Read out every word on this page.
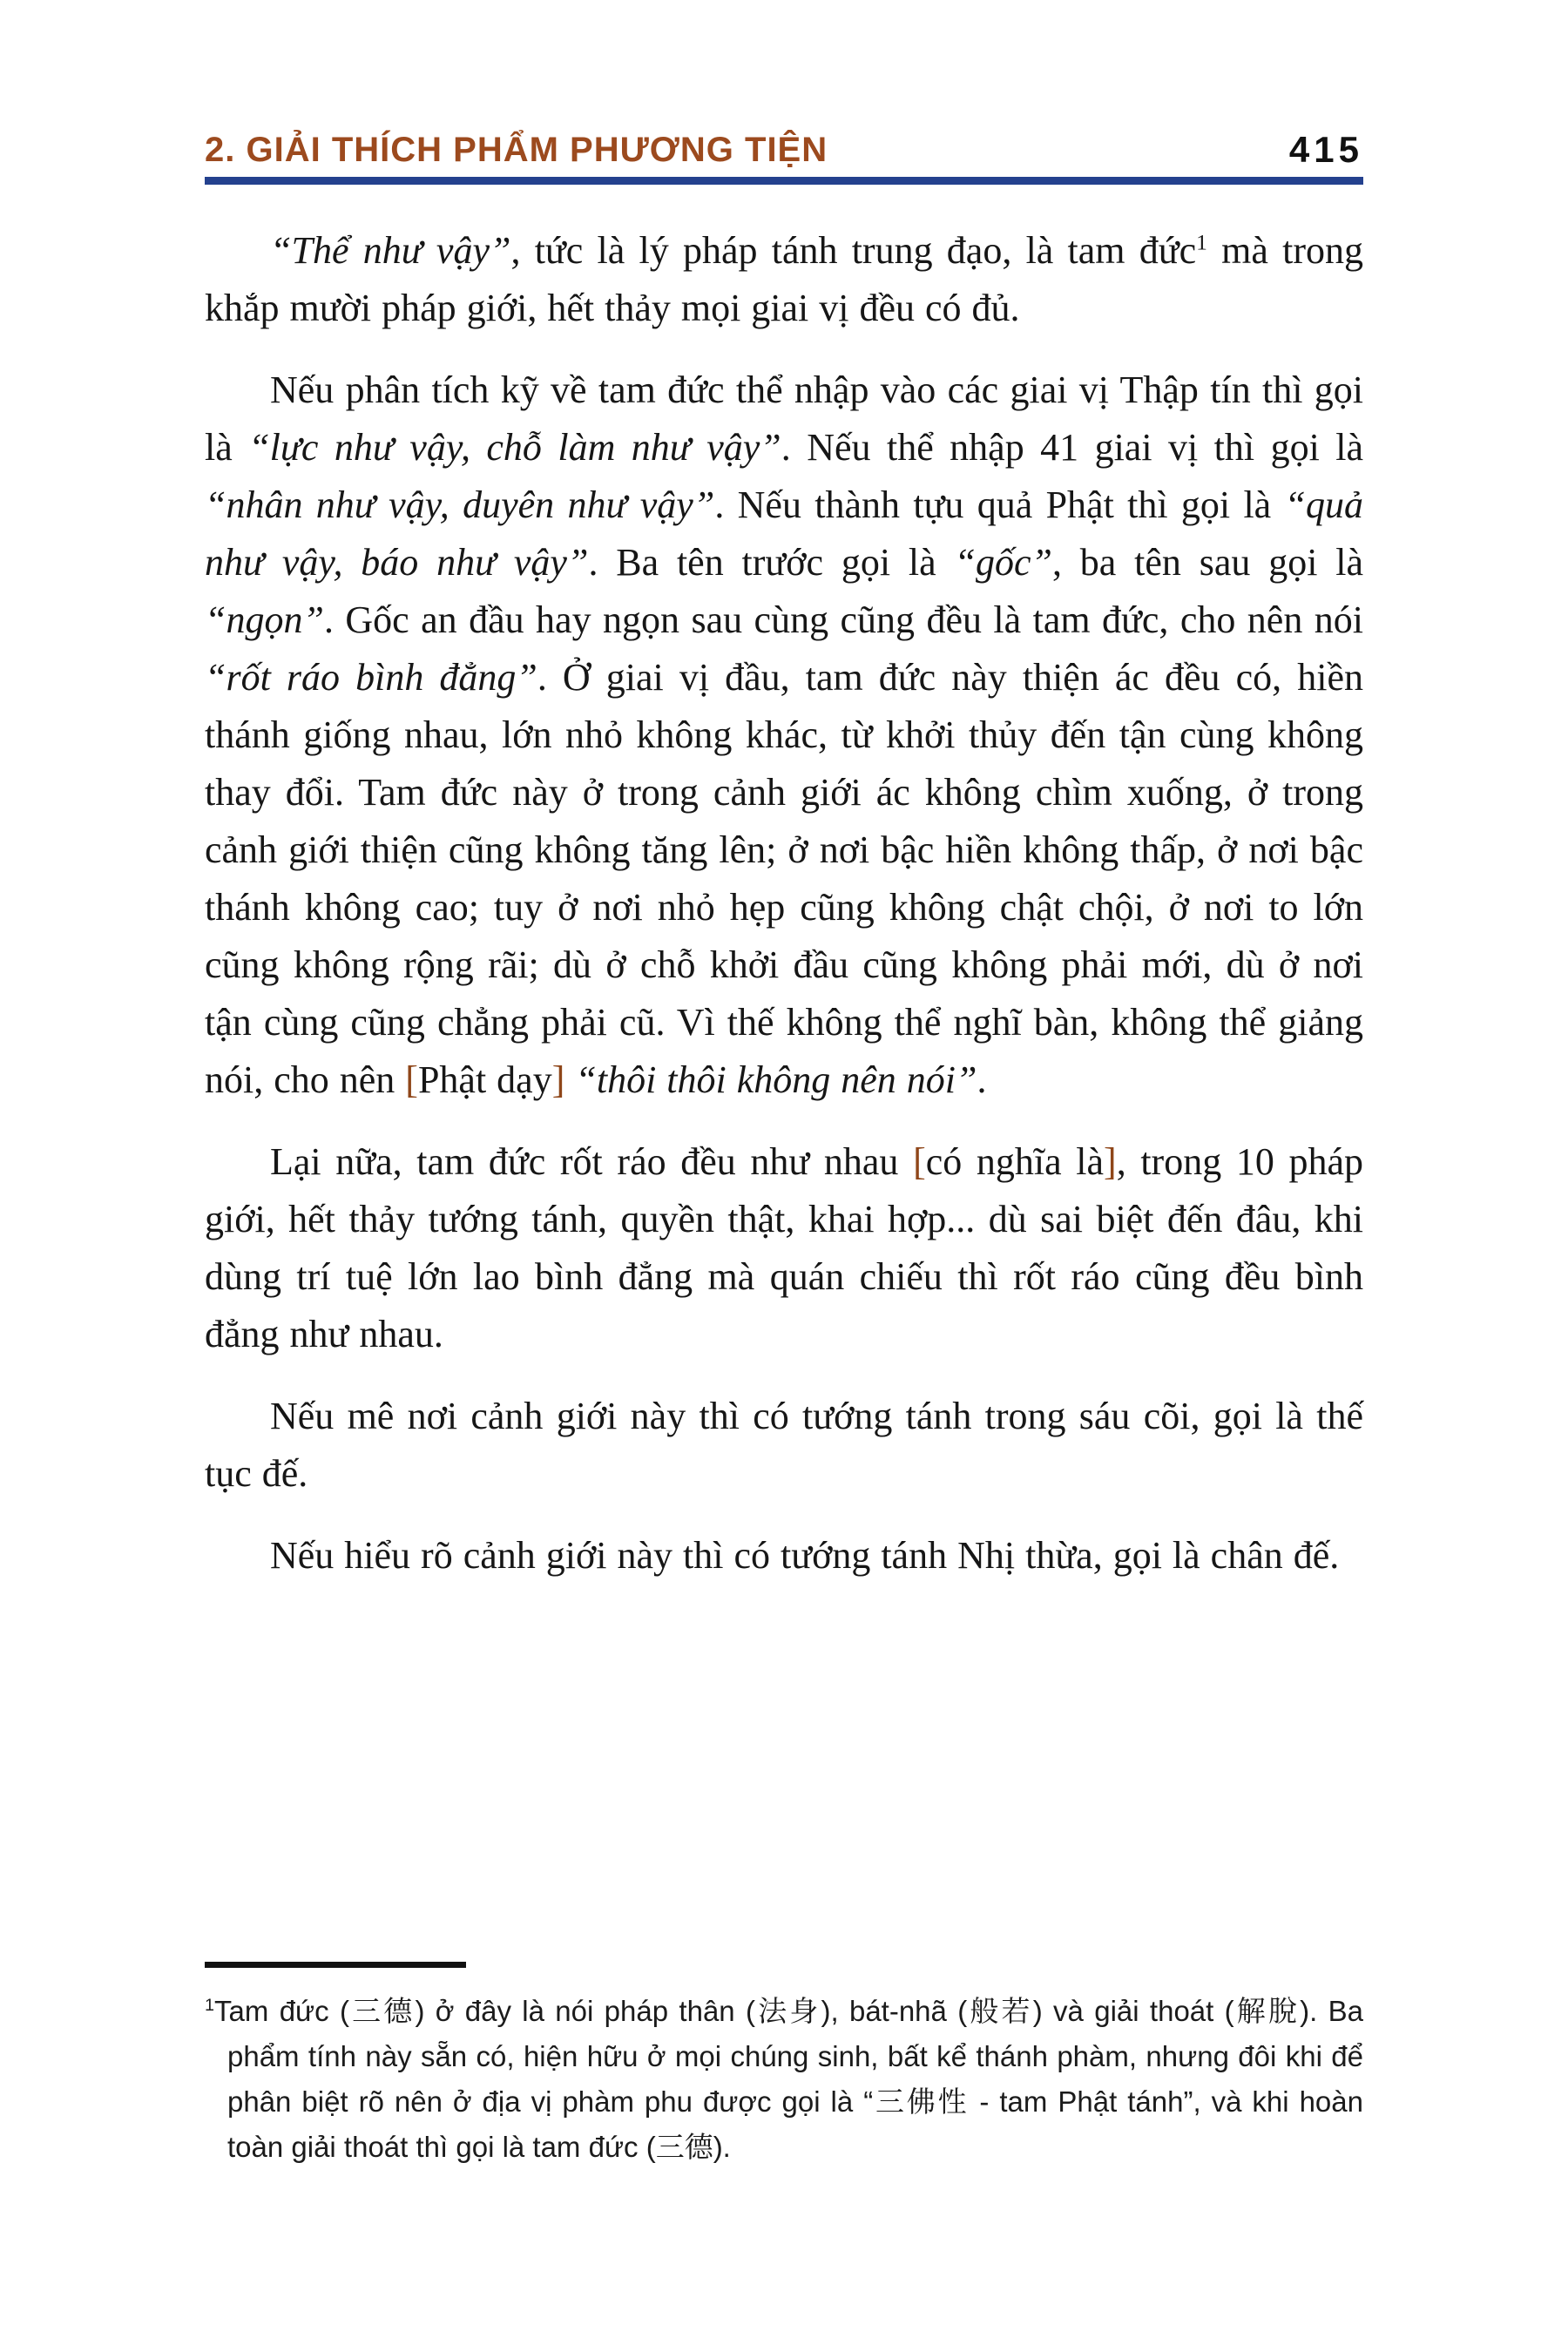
2. GIẢI THÍCH PHẨM PHƯƠNG TIỆN	415

“Thể như vậy”, tức là lý pháp tánh trung đạo, là tam đức$^1$ mà trong khắp mười pháp giới, hết thảy mọi giai vị đều có đủ.

Nếu phân tích kỹ về tam đức thể nhập vào các giai vị Thập tín thì gọi là “lực như vậy, chỗ làm như vậy”. Nếu thể nhập 41 giai vị thì gọi là “nhân như vậy, duyên như vậy”. Nếu thành tựu quả Phật thì gọi là “quả như vậy, báo như vậy”. Ba tên trước gọi là “gốc”, ba tên sau gọi là “ngọn”. Gốc an đầu hay ngọn sau cùng cũng đều là tam đức, cho nên nói “rốt ráo bình đẳng”. Ở giai vị đầu, tam đức này thiện ác đều có, hiền thánh giống nhau, lớn nhỏ không khác, từ khởi thủy đến tận cùng không thay đổi. Tam đức này ở trong cảnh giới ác không chìm xuống, ở trong cảnh giới thiện cũng không tăng lên; ở nơi bậc hiền không thấp, ở nơi bậc thánh không cao; tuy ở nơi nhỏ hẹp cũng không chật chội, ở nơi to lớn cũng không rộng rãi; dù ở chỗ khởi đầu cũng không phải mới, dù ở nơi tận cùng cũng chẳng phải cũ. Vì thế không thể nghĩ bàn, không thể giảng nói, cho nên [Phật dạy] “thôi thôi không nên nói”.

Lại nữa, tam đức rốt ráo đều như nhau [có nghĩa là], trong 10 pháp giới, hết thảy tướng tánh, quyền thật, khai hợp... dù sai biệt đến đâu, khi dùng trí tuệ lớn lao bình đẳng mà quán chiếu thì rốt ráo cũng đều bình đẳng như nhau.

Nếu mê nơi cảnh giới này thì có tướng tánh trong sáu cõi, gọi là thế tục đế.

Nếu hiểu rõ cảnh giới này thì có tướng tánh Nhị thừa, gọi là chân đế.

$^1$Tam đức (三德) ở đây là nói pháp thân (法身), bát-nhã (般若) và giải thoát (解脫). Ba phẩm tính này sẵn có, hiện hữu ở mọi chúng sinh, bất kể thánh phàm, nhưng đôi khi để phân biệt rõ nên ở địa vị phàm phu được gọi là “三佛性 - tam Phật tánh”, và khi hoàn toàn giải thoát thì gọi là tam đức (三德).
